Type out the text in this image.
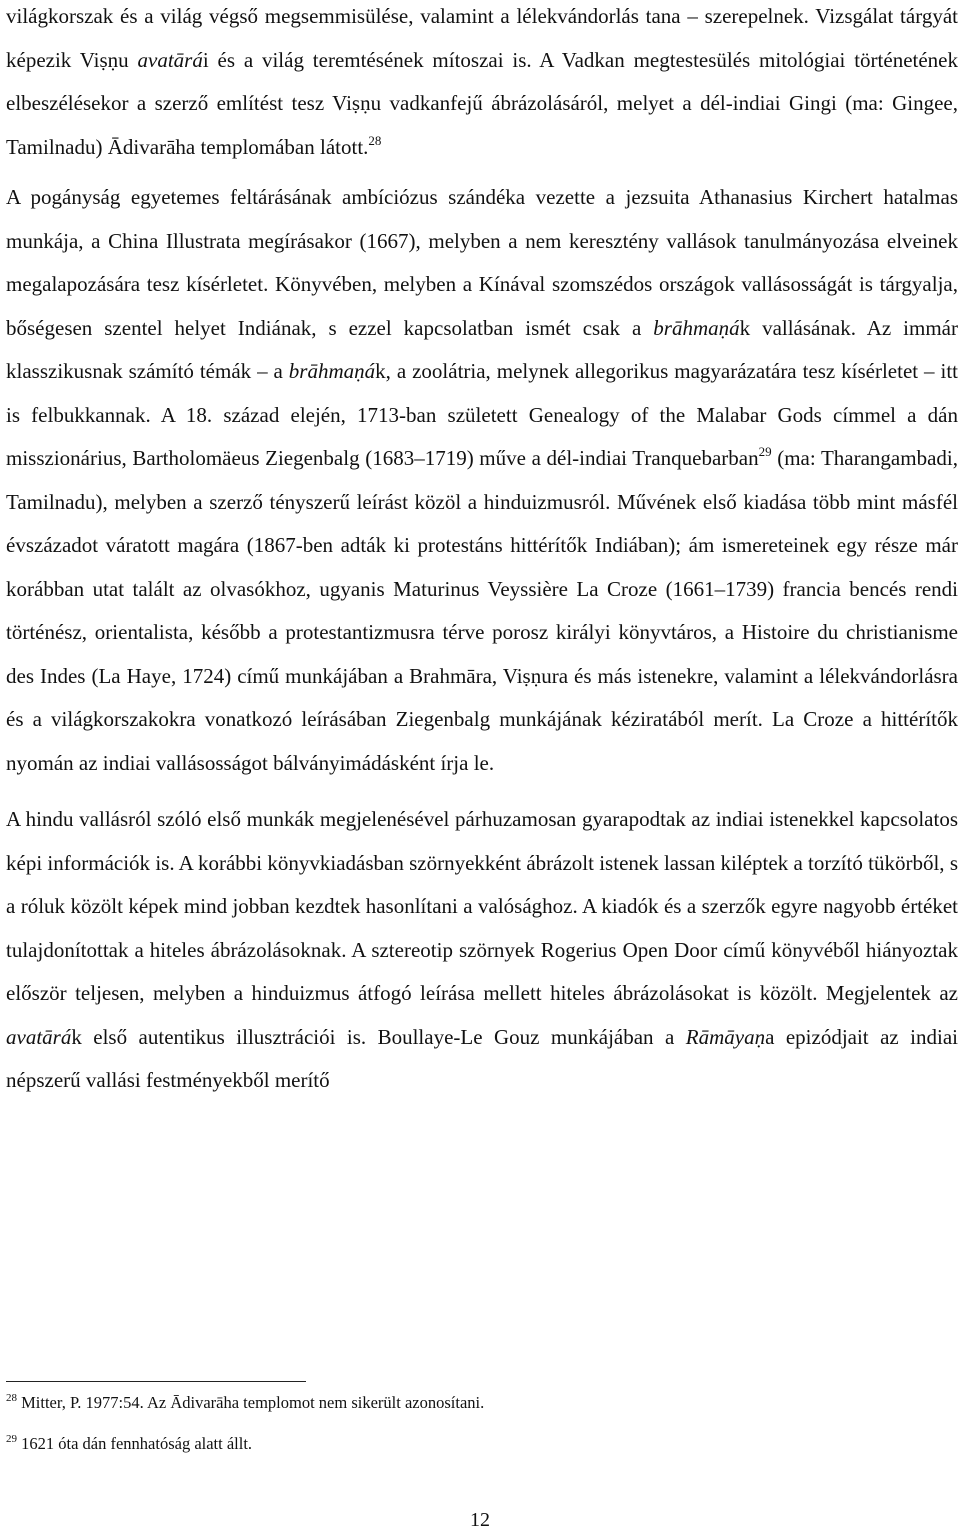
világkorszak és a világ végső megsemmisülése, valamint a lélekvándorlás tana – szerepelnek. Vizsgálat tárgyát képezik Viṣṇu avatārái és a világ teremtésének mítoszai is. A Vadkan megtestesülés mitológiai történetének elbeszélésekor a szerző említést tesz Viṣṇu vadkanfejű ábrázolásáról, melyet a dél-indiai Gingi (ma: Gingee, Tamilnadu) Ādivarāha templomában látott.$^{28}$

A pogányság egyetemes feltárásának ambíciózus szándéka vezette a jezsuita Athanasius Kirchert hatalmas munkája, a China Illustrata megírásakor (1667), melyben a nem keresztény vallások tanulmányozása elveinek megalapozására tesz kísérletet. Könyvében, melyben a Kínával szomszédos országok vallásosságát is tárgyalja, bőségesen szentel helyet Indiának, s ezzel kapcsolatban ismét csak a brāhmaṇák vallásának. Az immár klasszikusnak számító témák – a brāhmaṇák, a zoolátria, melynek allegorikus magyarázatára tesz kísérletet – itt is felbukkannak. A 18. század elején, 1713-ban született Genealogy of the Malabar Gods címmel a dán misszionárius, Bartholomäeus Ziegenbalg (1683–1719) műve a dél-indiai Tranquebarban$^{29}$ (ma: Tharangambadi, Tamilnadu), melyben a szerző tényszerű leírást közöl a hinduizmusról. Művének első kiadása több mint másfél évszázadot váratott magára (1867-ben adták ki protestáns hittérítők Indiában); ám ismereteinek egy része már korábban utat talált az olvasókhoz, ugyanis Maturinus Veyssière La Croze (1661–1739) francia bencés rendi történész, orientalista, később a protestantizmusra térve porosz királyi könyvtáros, a Histoire du christianisme des Indes (La Haye, 1724) című munkájában a Brahmāra, Viṣṇura és más istenekre, valamint a lélekvándorlásra és a világkorszakokra vonatkozó leírásában Ziegenbalg munkájának kéziratából merít. La Croze a hittérítők nyomán az indiai vallásosságot bálványimádásként írja le.

A hindu vallásról szóló első munkák megjelenésével párhuzamosan gyarapodtak az indiai istenekkel kapcsolatos képi információk is. A korábbi könyvkiadásban szörnyekként ábrázolt istenek lassan kiléptek a torzító tükörből, s a róluk közölt képek mind jobban kezdtek hasonlítani a valósághoz. A kiadók és a szerzők egyre nagyobb értéket tulajdonítottak a hiteles ábrázolásoknak. A sztereotip szörnyek Rogerius Open Door című könyvéből hiányoztak először teljesen, melyben a hinduizmus átfogó leírása mellett hiteles ábrázolásokat is közölt. Megjelentek az avatārák első autentikus illusztrációi is. Boullaye-Le Gouz munkájában a Rāmāyaṇa epizódjait az indiai népszerű vallási festményekből merítő

$^{28}$ Mitter, P. 1977:54. Az Ādivarāha templomot nem sikerült azonosítani.
$^{29}$ 1621 óta dán fennhatóság alatt állt.
12
